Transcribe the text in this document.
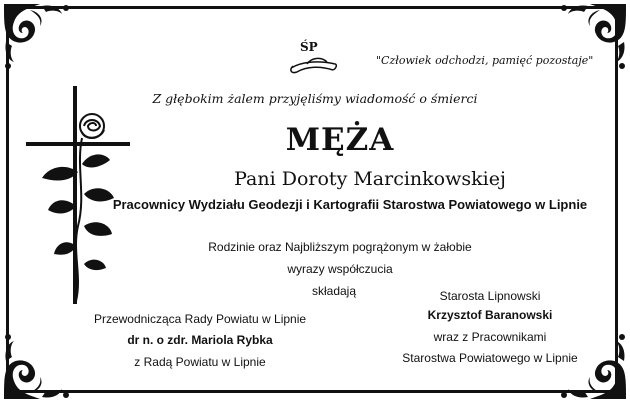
ŚP
"Człowiek odchodzi, pamięć pozostaje"
Z głębokim żalem przyjęliśmy wiadomość o śmierci
MĘŻA
Pani Doroty Marcinkowskiej
Pracownicy Wydziału Geodezji i Kartografii Starostwa Powiatowego w Lipnie
Rodzinie oraz Najbliższym pogrążonym w żałobie
wyrazy współczucia
składają
Przewodnicząca Rady Powiatu w Lipnie
dr n. o zdr. Mariola Rybka
z Radą Powiatu w Lipnie
Starosta Lipnowski
Krzysztof Baranowski
wraz z Pracownikami
Starostwa Powiatowego w Lipnie
